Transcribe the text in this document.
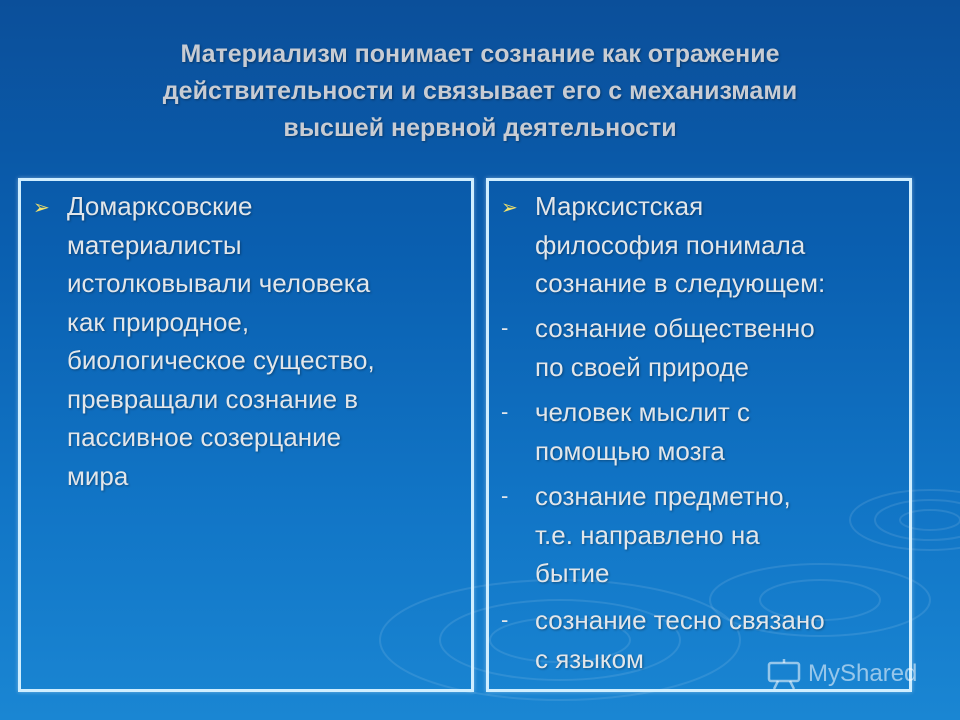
Материализм понимает сознание как отражение
действительности и связывает его с механизмами
высшей нервной деятельности
➢ Домарксовские
материалисты
истолковывали человека
как природное,
биологическое существо,
превращали сознание в
пассивное созерцание
мира
➢ Марксистская
философия понимала
сознание в следующем:
- сознание общественно
по своей природе
- человек мыслит с
помощью мозга
- сознание предметно,
т.е. направлено на
бытие
- сознание тесно связано
с языком	MyShared
